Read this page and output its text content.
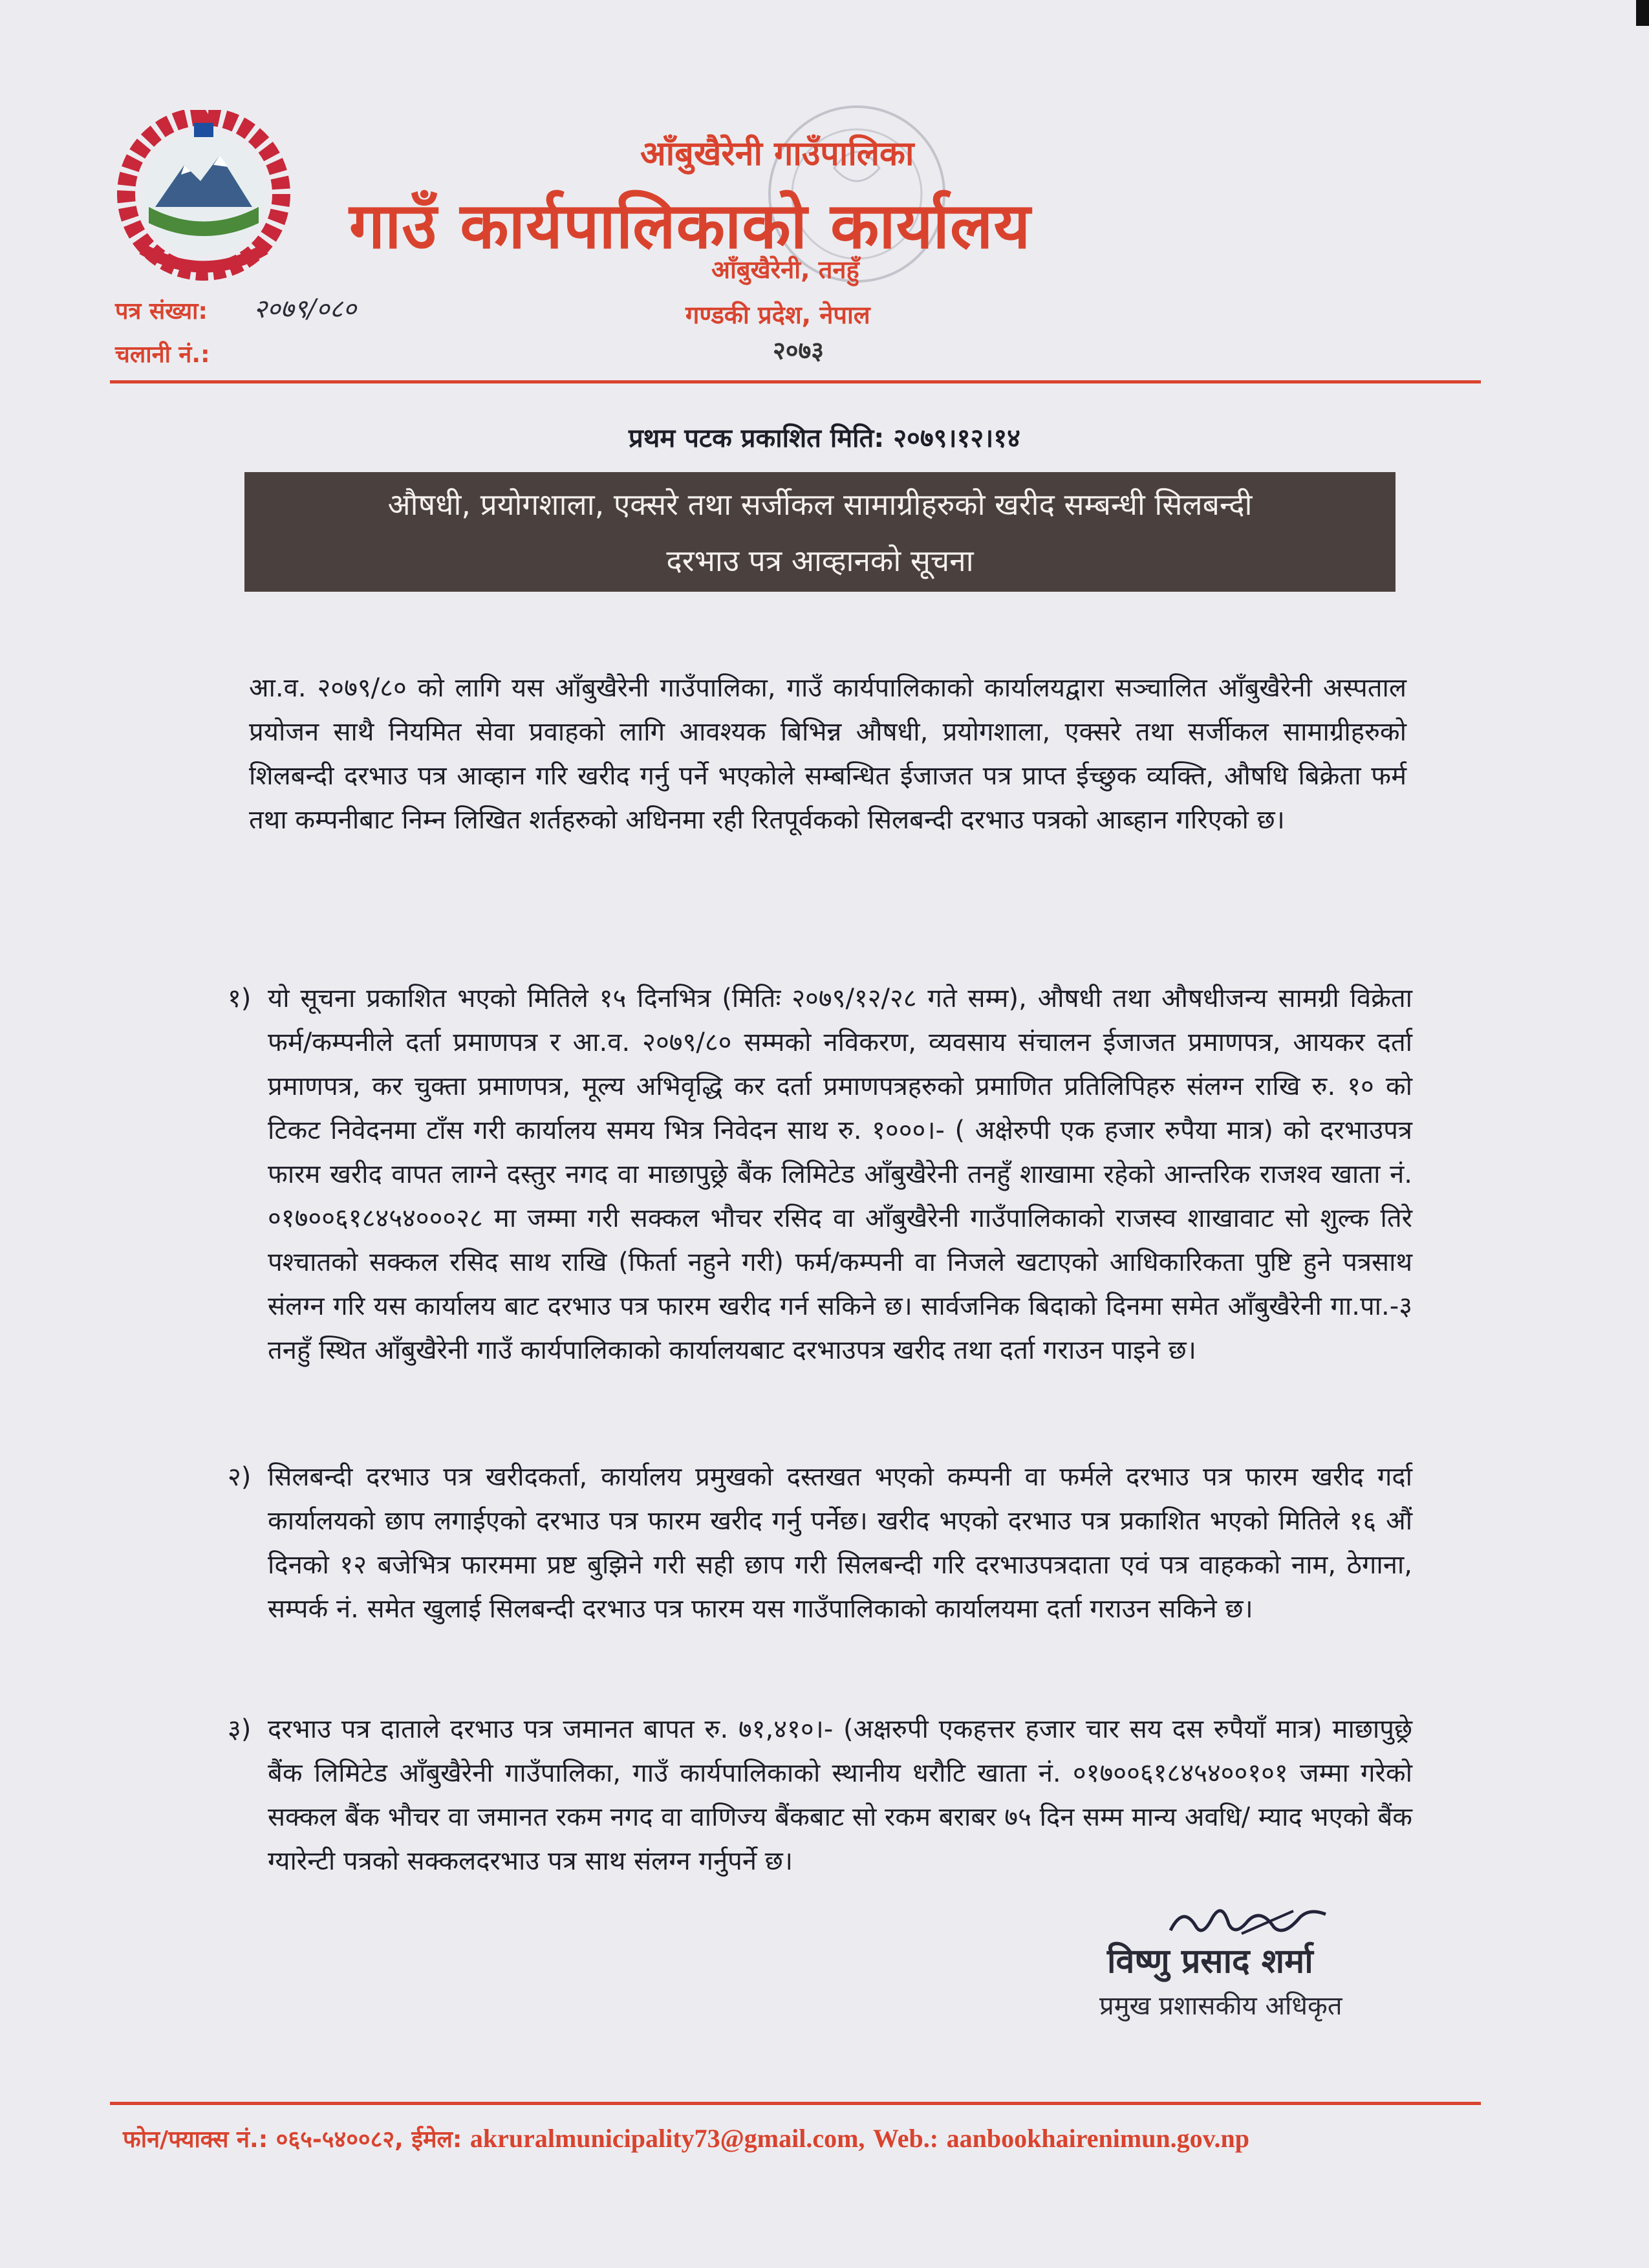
आँबुखैरेनी गाउँपालिका
गाउँ कार्यपालिकाको कार्यालय
आँबुखैरेनी, तनहुँ
गण्डकी प्रदेश, नेपाल
२०७३
पत्र संख्या: २०७९/०८०
चलानी नं.:
प्रथम पटक प्रकाशित मिति: २०७९।१२।१४
औषधी, प्रयोगशाला, एक्सरे तथा सर्जीकल सामाग्रीहरुको खरीद सम्बन्धी सिलबन्दी
दरभाउ पत्र आव्हानको सूचना
आ.व. २०७९/८० को लागि यस आँबुखैरेनी गाउँपालिका, गाउँ कार्यपालिकाको कार्यालयद्वारा सञ्चालित आँबुखैरेनी अस्पताल प्रयोजन साथै नियमित सेवा प्रवाहको लागि आवश्यक बिभिन्न औषधी, प्रयोगशाला, एक्सरे तथा सर्जीकल सामाग्रीहरुको शिलबन्दी दरभाउ पत्र आव्हान गरि खरीद गर्नु पर्ने भएकोले सम्बन्धित ईजाजत पत्र प्राप्त ईच्छुक व्यक्ति, औषधि बिक्रेता फर्म तथा कम्पनीबाट निम्न लिखित शर्तहरुको अधिनमा रही रितपूर्वकको सिलबन्दी दरभाउ पत्रको आब्हान गरिएको छ।
१) यो सूचना प्रकाशित भएको मितिले १५ दिनभित्र (मितिः २०७९/१२/२८ गते सम्म), औषधी तथा औषधीजन्य सामग्री विक्रेता फर्म/कम्पनीले दर्ता प्रमाणपत्र र आ.व. २०७९/८० सम्मको नविकरण, व्यवसाय संचालन ईजाजत प्रमाणपत्र, आयकर दर्ता प्रमाणपत्र, कर चुक्ता प्रमाणपत्र, मूल्य अभिवृद्धि कर दर्ता प्रमाणपत्रहरुको प्रमाणित प्रतिलिपिहरु संलग्न राखि रु. १० को टिकट निवेदनमा टाँस गरी कार्यालय समय भित्र निवेदन साथ रु. १०००।- ( अक्षेरुपी एक हजार रुपैया मात्र) को दरभाउपत्र फारम खरीद वापत लाग्ने दस्तुर नगद वा माछापुछ्रे बैंक लिमिटेड आँबुखैरेनी तनहुँ शाखामा रहेको आन्तरिक राजश्व खाता नं. ०१७००६१८४५४०००२८ मा जम्मा गरी सक्कल भौचर रसिद वा आँबुखैरेनी गाउँपालिकाको राजस्व शाखावाट सो शुल्क तिरे पश्चातको सक्कल रसिद साथ राखि (फिर्ता नहुने गरी) फर्म/कम्पनी वा निजले खटाएको आधिकारिकता पुष्टि हुने पत्रसाथ संलग्न गरि यस कार्यालय बाट दरभाउ पत्र फारम खरीद गर्न सकिने छ। सार्वजनिक बिदाको दिनमा समेत आँबुखैरेनी गा.पा.-३ तनहुँ स्थित आँबुखैरेनी गाउँ कार्यपालिकाको कार्यालयबाट दरभाउपत्र खरीद तथा दर्ता गराउन पाइने छ।
२) सिलबन्दी दरभाउ पत्र खरीदकर्ता, कार्यालय प्रमुखको दस्तखत भएको कम्पनी वा फर्मले दरभाउ पत्र फारम खरीद गर्दा कार्यालयको छाप लगाईएको दरभाउ पत्र फारम खरीद गर्नु पर्नेछ। खरीद भएको दरभाउ पत्र प्रकाशित भएको मितिले १६ औं दिनको १२ बजेभित्र फारममा प्रष्ट बुझिने गरी सही छाप गरी सिलबन्दी गरि दरभाउपत्रदाता एवं पत्र वाहकको नाम, ठेगाना, सम्पर्क नं. समेत खुलाई सिलबन्दी दरभाउ पत्र फारम यस गाउँपालिकाको कार्यालयमा दर्ता गराउन सकिने छ।
३) दरभाउ पत्र दाताले दरभाउ पत्र जमानत बापत रु. ७१,४१०।- (अक्षरुपी एकहत्तर हजार चार सय दस रुपैयाँ मात्र) माछापुछ्रे बैंक लिमिटेड आँबुखैरेनी गाउँपालिका, गाउँ कार्यपालिकाको स्थानीय धरौटि खाता नं. ०१७००६१८४५४००१०१ जम्मा गरेको सक्कल बैंक भौचर वा जमानत रकम नगद वा वाणिज्य बैंकबाट सो रकम बराबर ७५ दिन सम्म मान्य अवधि/ म्याद भएको बैंक ग्यारेन्टी पत्रको सक्कलदरभाउ पत्र साथ संलग्न गर्नुपर्ने छ।
विष्णु प्रसाद शर्मा
प्रमुख प्रशासकीय अधिकृत
फोन/फ्याक्स नं.: ०६५-५४००८२, ईमेल: akruralmunicipality73@gmail.com, Web.: aanbookhairenimun.gov.np
